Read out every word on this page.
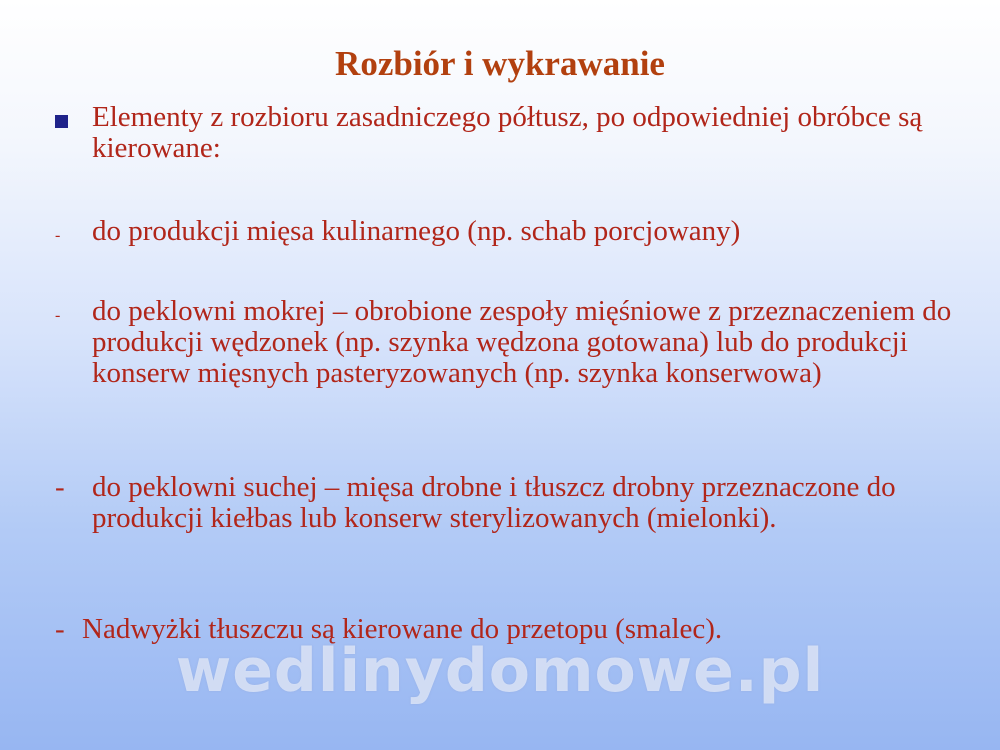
Rozbiór i wykrawanie
Elementy z rozbioru zasadniczego półtusz, po odpowiedniej obróbce są kierowane:
- do produkcji mięsa kulinarnego (np. schab porcjowany)
- do peklowni mokrej – obrobione zespoły mięśniowe z przeznaczeniem do produkcji wędzonek (np. szynka wędzona gotowana) lub do produkcji konserw mięsnych pasteryzowanych (np. szynka konserwowa)
- do peklowni suchej – mięsa drobne i tłuszcz drobny przeznaczone do produkcji kiełbas lub konserw sterylizowanych (mielonki).
- Nadwyżki tłuszczu są kierowane do przetopu (smalec).
wedlinydomowe.pl
